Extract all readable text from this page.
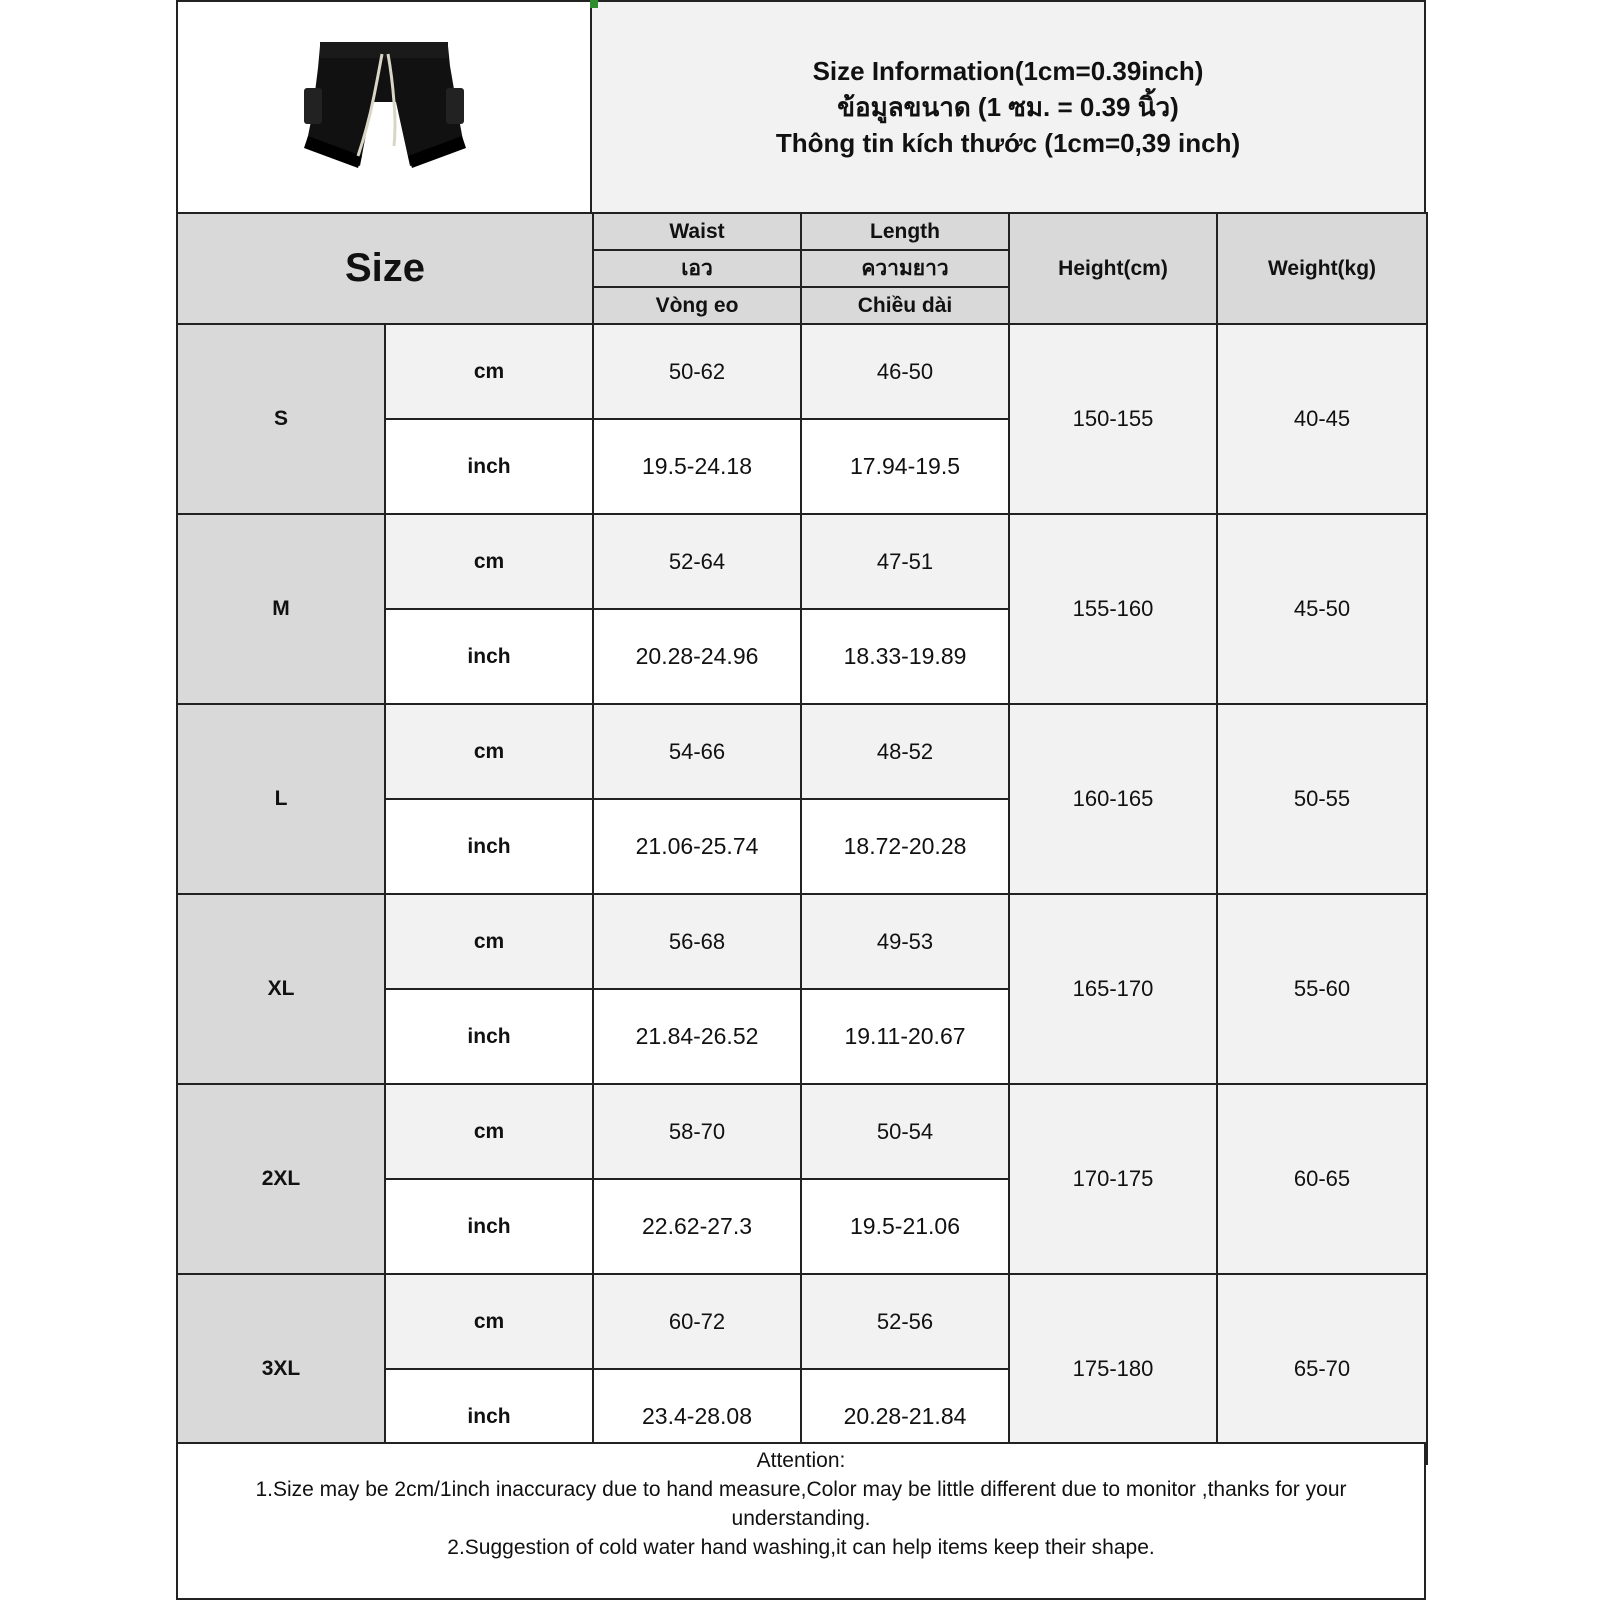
Size Information(1cm=0.39inch)
ข้อมูลขนาด (1 ซม. = 0.39 นิ้ว)
Thông tin kích thước (1cm=0,39 inch)
Size		Waist	Length	Height(cm)	Weight(kg)
		เอว	ความยาว		
		Vòng eo	Chiều dài		
S	cm	50-62	46-50	150-155	40-45
	inch	19.5-24.18	17.94-19.5		
M	cm	52-64	47-51	155-160	45-50
	inch	20.28-24.96	18.33-19.89		
L	cm	54-66	48-52	160-165	50-55
	inch	21.06-25.74	18.72-20.28		
XL	cm	56-68	49-53	165-170	55-60
	inch	21.84-26.52	19.11-20.67		
2XL	cm	58-70	50-54	170-175	60-65
	inch	22.62-27.3	19.5-21.06		
3XL	cm	60-72	52-56	175-180	65-70
	inch	23.4-28.08	20.28-21.84		
Attention:
1.Size may be 2cm/1inch inaccuracy due to hand measure,Color may be little different due to monitor ,thanks for your understanding.
2.Suggestion of cold water hand washing,it can help items keep their shape.
